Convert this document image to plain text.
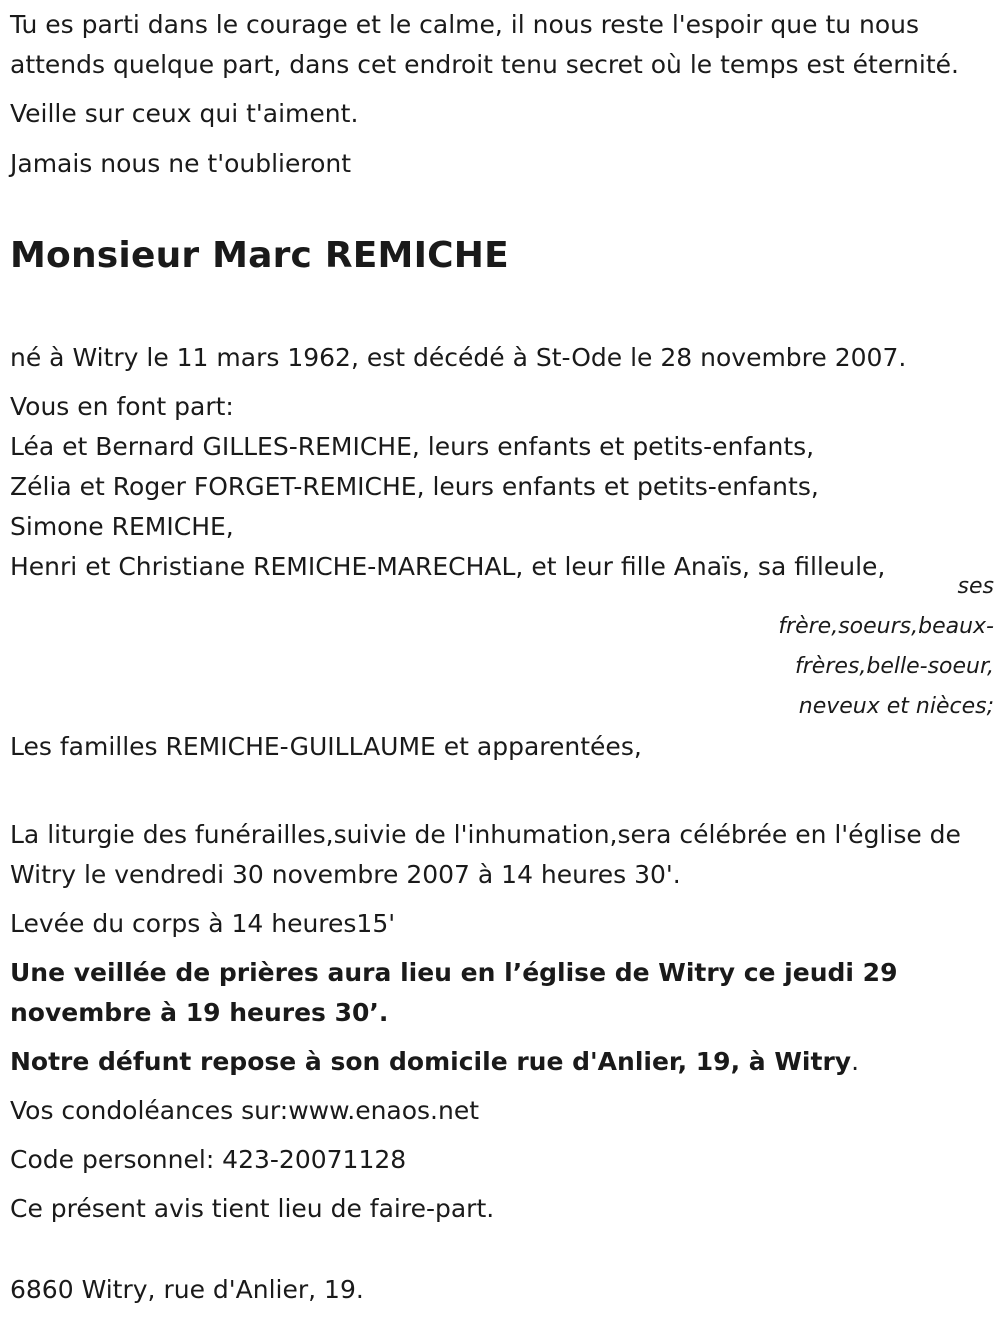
Tu es parti dans le courage et le calme, il nous reste l'espoir que tu nous attends quelque part, dans cet endroit tenu secret où le temps est éternité.

Veille sur ceux qui t'aiment.

Jamais nous ne t'oublieront

Monsieur Marc REMICHE

né à Witry le 11 mars 1962, est décédé à St-Ode le 28 novembre 2007.

Vous en font part:

Léa et Bernard GILLES-REMICHE, leurs enfants et petits-enfants,

Zélia et Roger FORGET-REMICHE, leurs enfants et petits-enfants,

Simone REMICHE,

Henri et Christiane REMICHE-MARECHAL, et leur fille Anaïs, sa filleule,

ses

frère,soeurs,beaux-

frères,belle-soeur,

neveux et nièces;

Les familles REMICHE-GUILLAUME et apparentées,

La liturgie des funérailles,suivie de l'inhumation,sera célébrée en l'église de Witry le vendredi 30 novembre 2007 à 14 heures 30'.

Levée du corps à 14 heures15'

Une veillée de prières aura lieu en l’église de Witry ce jeudi 29 novembre à 19 heures 30’.

Notre défunt repose à son domicile rue d'Anlier, 19, à Witry.

Vos condoléances sur:www.enaos.net

Code personnel: 423-20071128

Ce présent avis tient lieu de faire-part.

6860 Witry, rue d'Anlier, 19.
